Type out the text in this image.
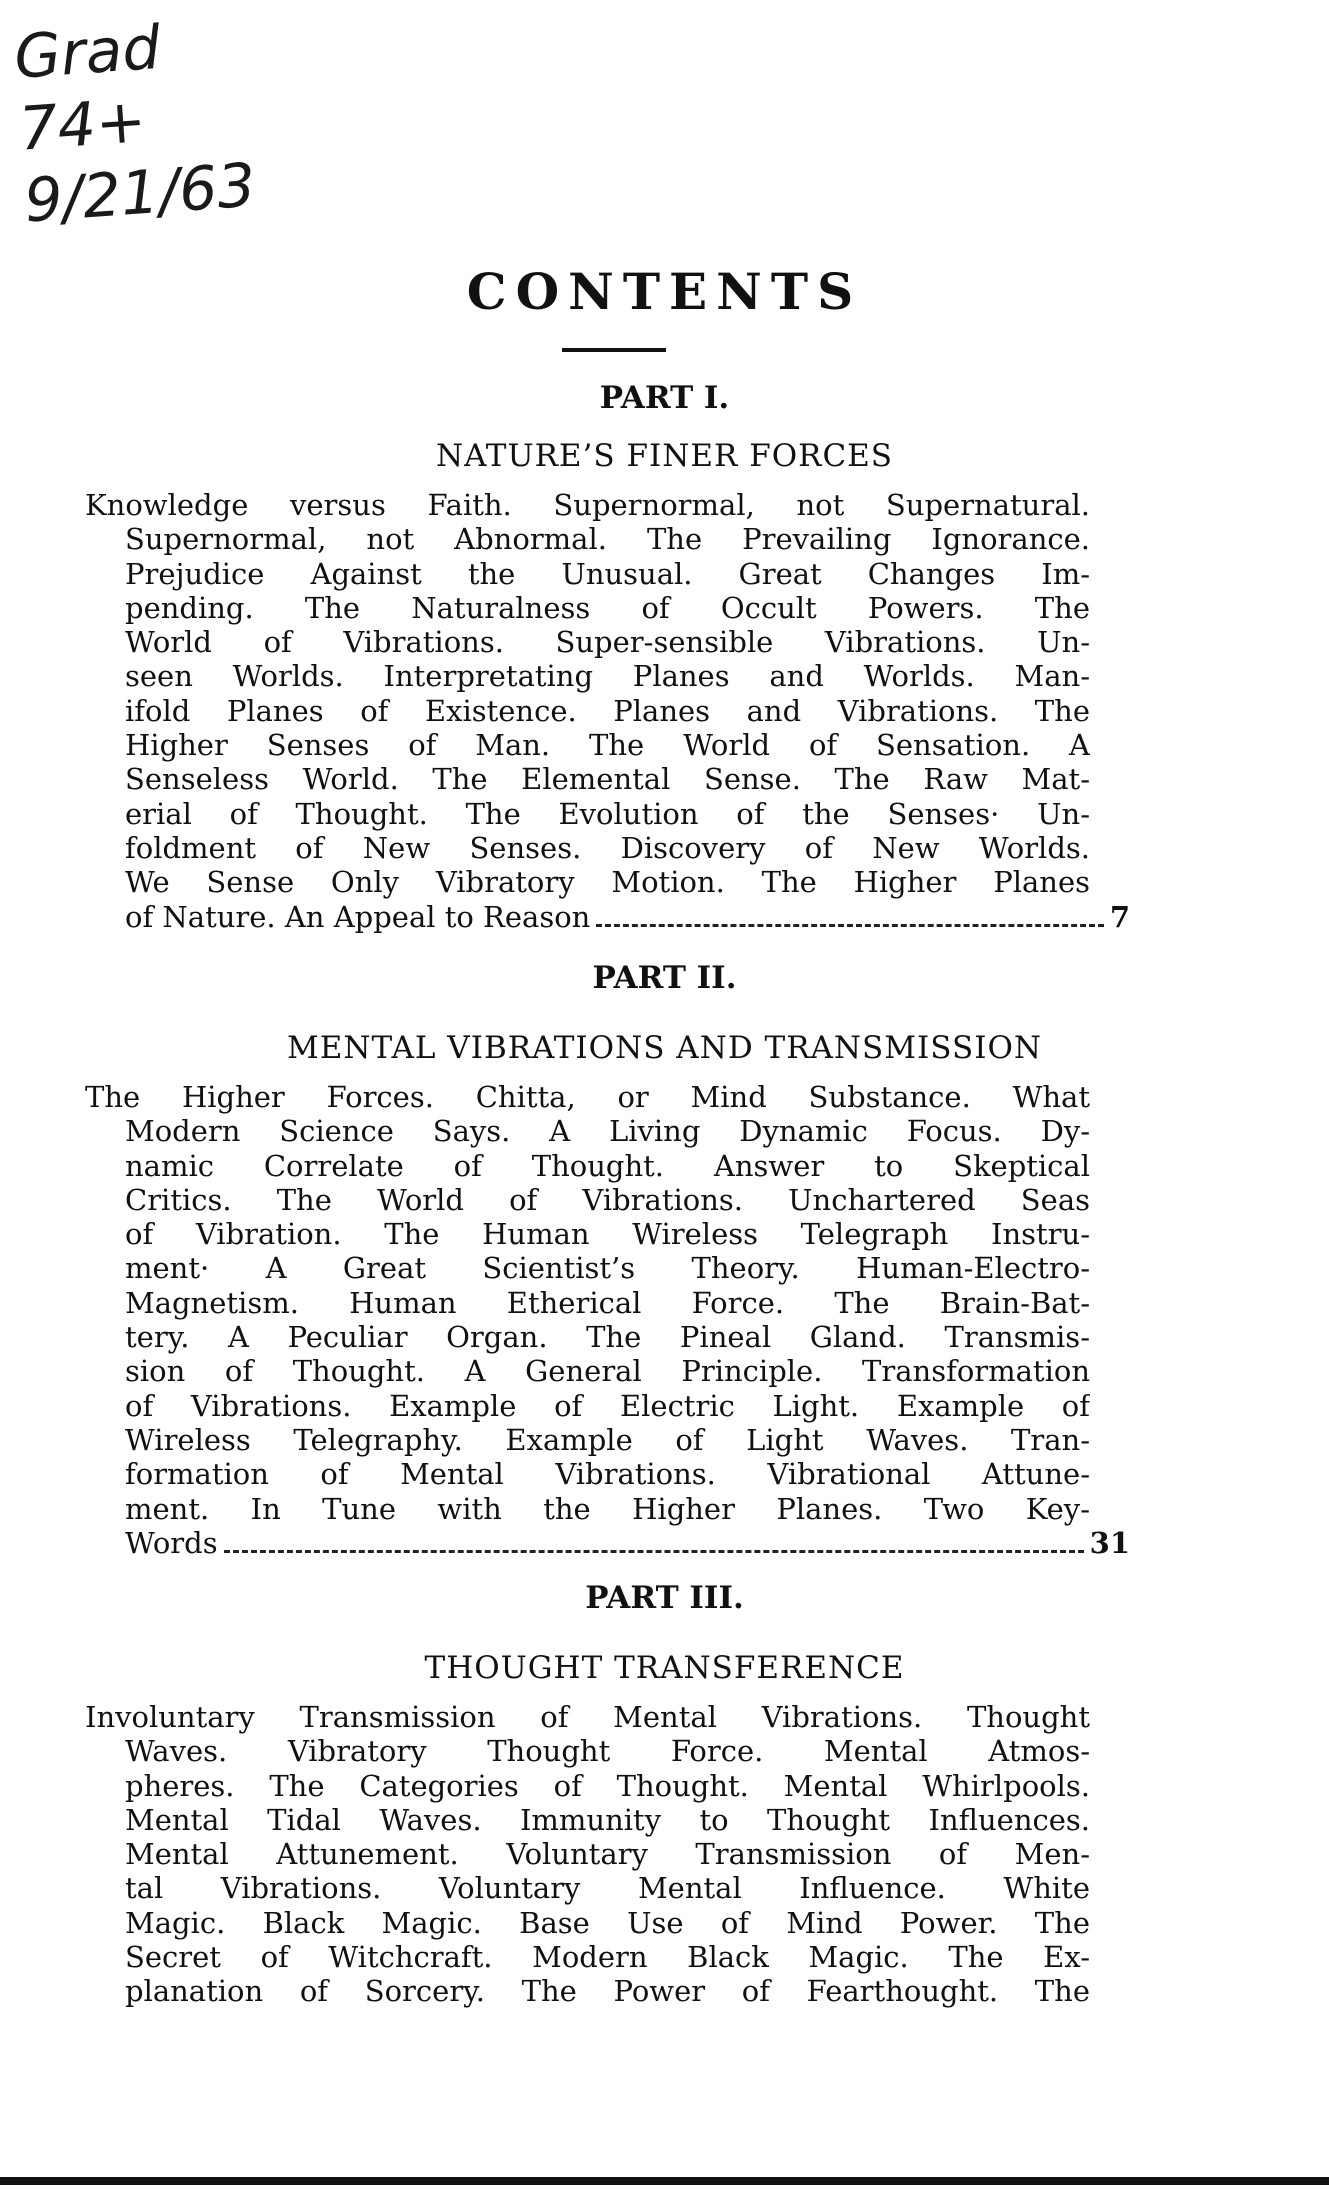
Grad
74+
9/21/63
CONTENTS
PART I.
NATURE’S FINER FORCES
Knowledge versus Faith. Supernormal, not Supernatural.
Supernormal, not Abnormal. The Prevailing Ignorance.
Prejudice Against the Unusual. Great Changes Im-
pending. The Naturalness of Occult Powers. The
World of Vibrations. Super-sensible Vibrations. Un-
seen Worlds. Interpretating Planes and Worlds. Man-
ifold Planes of Existence. Planes and Vibrations. The
Higher Senses of Man. The World of Sensation. A
Senseless World. The Elemental Sense. The Raw Mat-
erial of Thought. The Evolution of the Senses· Un-
foldment of New Senses. Discovery of New Worlds.
We Sense Only Vibratory Motion. The Higher Planes
of Nature. An Appeal to Reason	7
PART II.
MENTAL VIBRATIONS AND TRANSMISSION
The Higher Forces. Chitta, or Mind Substance. What
Modern Science Says. A Living Dynamic Focus. Dy-
namic Correlate of Thought. Answer to Skeptical
Critics. The World of Vibrations. Unchartered Seas
of Vibration. The Human Wireless Telegraph Instru-
ment· A Great Scientist’s Theory. Human-Electro-
Magnetism. Human Etherical Force. The Brain-Bat-
tery. A Peculiar Organ. The Pineal Gland. Transmis-
sion of Thought. A General Principle. Transformation
of Vibrations. Example of Electric Light. Example of
Wireless Telegraphy. Example of Light Waves. Tran-
formation of Mental Vibrations. Vibrational Attune-
ment. In Tune with the Higher Planes. Two Key-
Words	31
PART III.
THOUGHT TRANSFERENCE
Involuntary Transmission of Mental Vibrations. Thought
Waves. Vibratory Thought Force. Mental Atmos-
pheres. The Categories of Thought. Mental Whirlpools.
Mental Tidal Waves. Immunity to Thought Influences.
Mental Attunement. Voluntary Transmission of Men-
tal Vibrations. Voluntary Mental Influence. White
Magic. Black Magic. Base Use of Mind Power. The
Secret of Witchcraft. Modern Black Magic. The Ex-
planation of Sorcery. The Power of Fearthought. The
